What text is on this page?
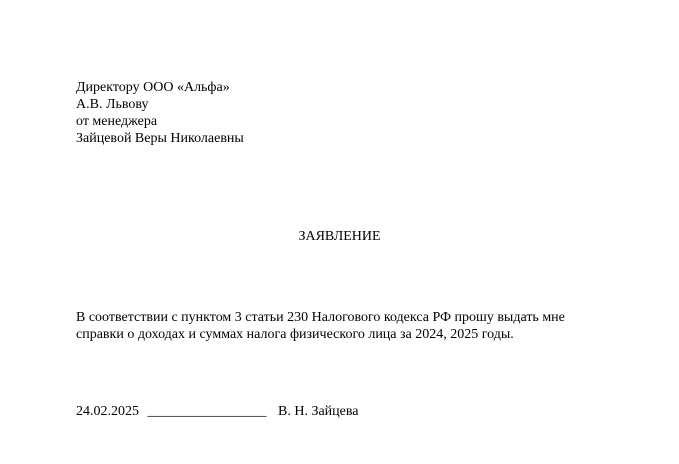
Директору ООО «Альфа»
А.В. Львову
от менеджера
Зайцевой Веры Николаевны
ЗАЯВЛЕНИЕ
В соответствии с пунктом 3 статьи 230 Налогового кодекса РФ прошу выдать мне
справки о доходах и суммах налога физического лица за 2024, 2025 годы.
24.02.2025 _________________ В. Н. Зайцева
